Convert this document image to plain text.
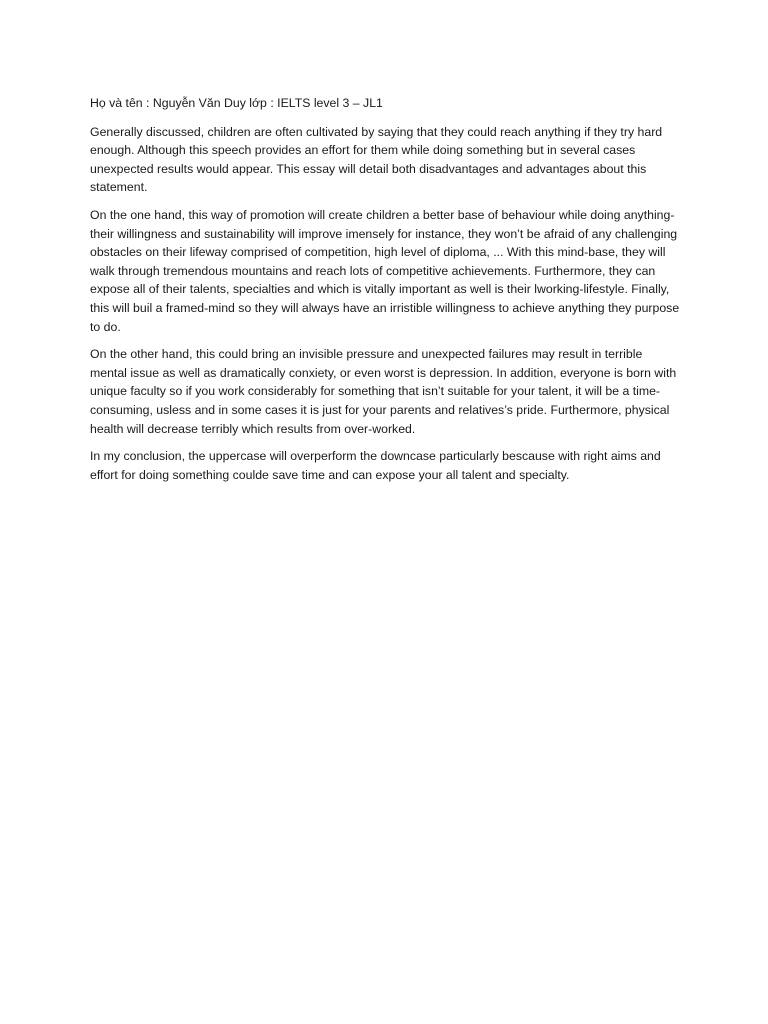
Họ và tên : Nguyễn Văn Duy lớp : IELTS level 3 – JL1

Generally discussed, children are often cultivated by saying that they could reach anything if they try hard enough. Although this speech provides an effort for them while doing something but in several cases unexpected results would appear. This essay will detail both disadvantages and advantages about this statement.

On the one hand, this way of promotion will create children a better base of behaviour while doing anything- their willingness and sustainability will improve imensely for instance, they won’t be afraid of any challenging obstacles on their lifeway comprised of competition, high level of diploma, ... With this mind-base, they will walk through tremendous mountains and reach lots of competitive achievements. Furthermore, they can expose all of their talents, specialties and which is vitally important as well is their lworking-lifestyle. Finally, this will buil a framed-mind so they will always have an irristible willingness to achieve anything they purpose to do.

On the other hand, this could bring an invisible pressure and unexpected failures may result in terrible mental issue as well as dramatically conxiety, or even worst is depression. In addition, everyone is born with unique faculty so if you work considerably for something that isn’t suitable for your talent, it will be a time-consuming, usless and in some cases it is just for your parents and relatives’s pride. Furthermore, physical health will decrease terribly which results from over-worked.

In my conclusion, the uppercase will overperform the downcase particularly bescause with right aims and effort for doing something coulde save time and can expose your all talent and specialty.
